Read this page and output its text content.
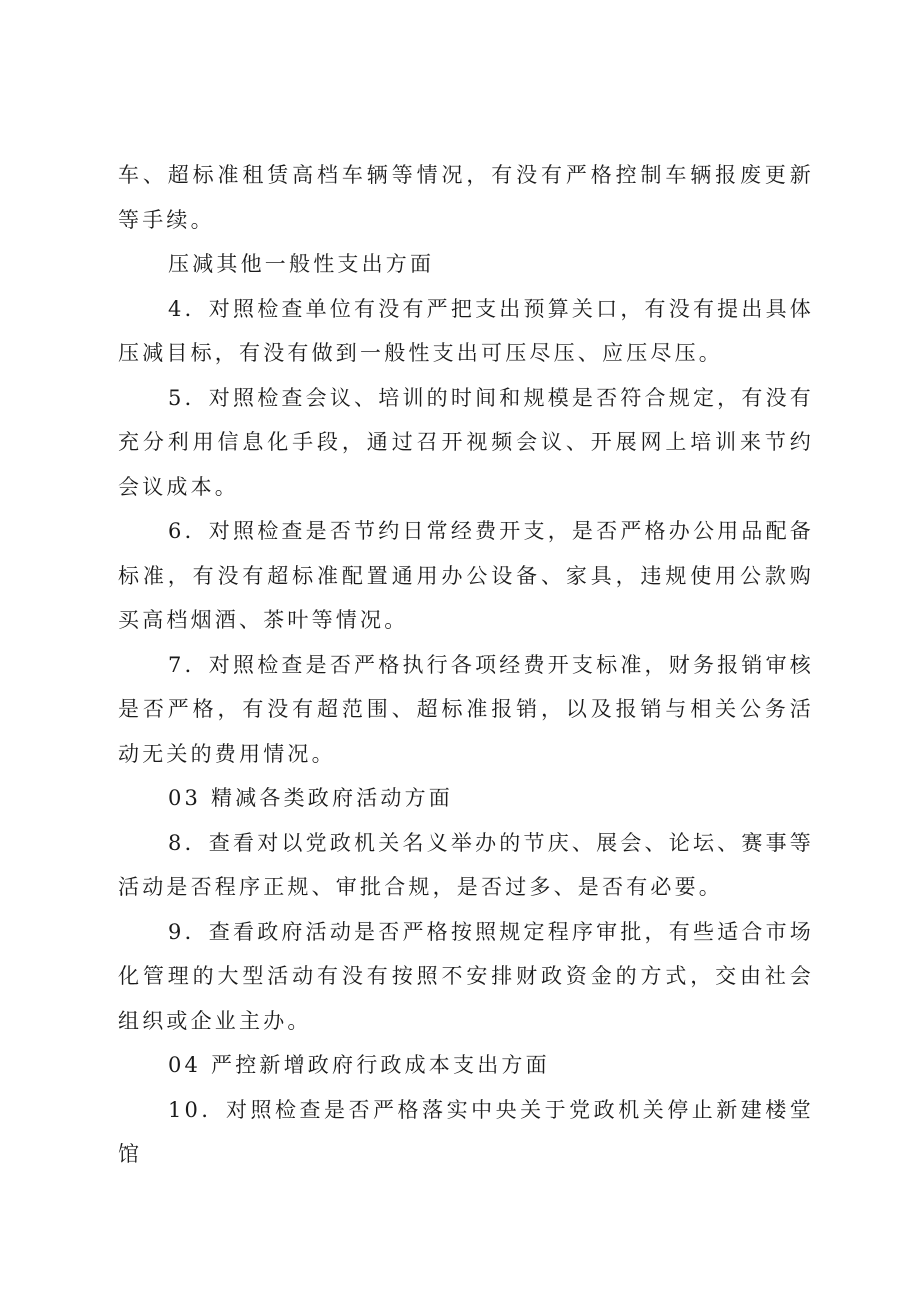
车、超标准租赁高档车辆等情况，有没有严格控制车辆报废更新等手续。

压减其他一般性支出方面

4．对照检查单位有没有严把支出预算关口，有没有提出具体压减目标，有没有做到一般性支出可压尽压、应压尽压。

5．对照检查会议、培训的时间和规模是否符合规定，有没有充分利用信息化手段，通过召开视频会议、开展网上培训来节约会议成本。

6．对照检查是否节约日常经费开支，是否严格办公用品配备标准，有没有超标准配置通用办公设备、家具，违规使用公款购买高档烟酒、茶叶等情况。

7．对照检查是否严格执行各项经费开支标准，财务报销审核是否严格，有没有超范围、超标准报销，以及报销与相关公务活动无关的费用情况。

03 精减各类政府活动方面

8．查看对以党政机关名义举办的节庆、展会、论坛、赛事等活动是否程序正规、审批合规，是否过多、是否有必要。

9．查看政府活动是否严格按照规定程序审批，有些适合市场化管理的大型活动有没有按照不安排财政资金的方式，交由社会组织或企业主办。

04 严控新增政府行政成本支出方面

10．对照检查是否严格落实中央关于党政机关停止新建楼堂馆
